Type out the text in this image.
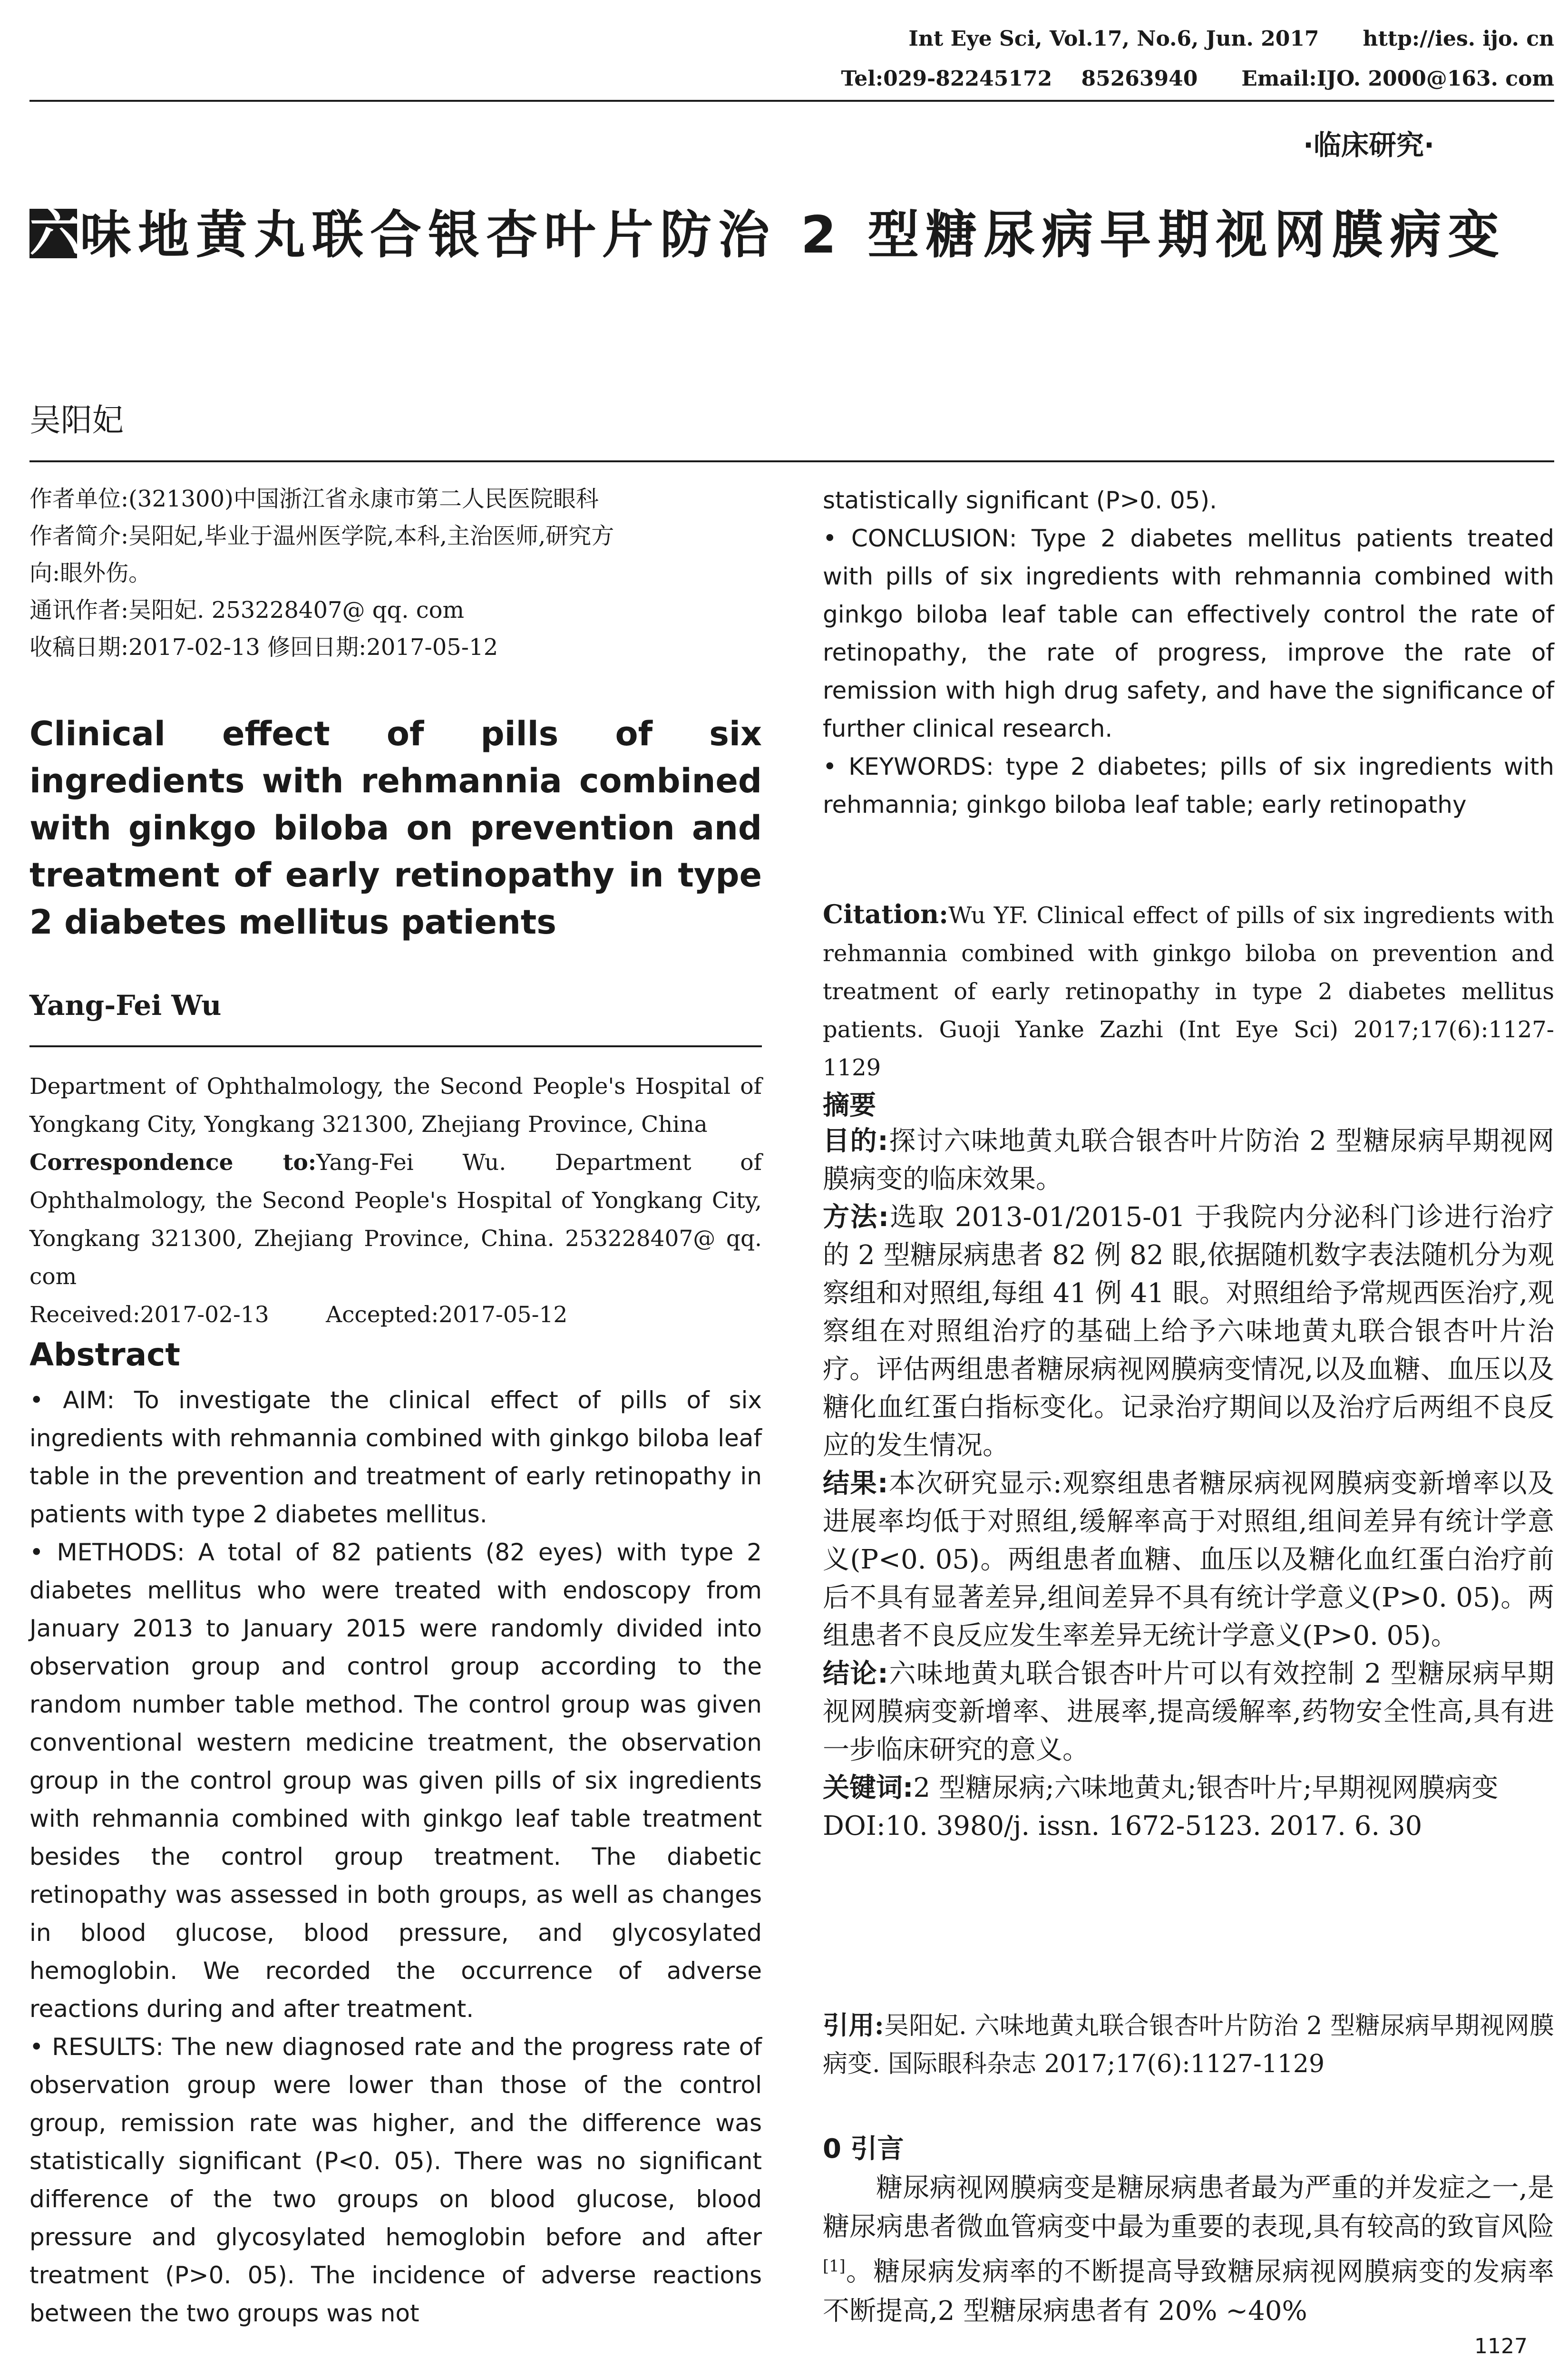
Int Eye Sci, Vol.17, No.6, Jun. 2017      http://ies. ijo. cn
Tel:029-82245172    85263940      Email:IJO. 2000@163. com
·临床研究·
六味地黄丸联合银杏叶片防治 2 型糖尿病早期视网膜病变
吴阳妃
作者单位:(321300)中国浙江省永康市第二人民医院眼科
作者简介:吴阳妃,毕业于温州医学院,本科,主治医师,研究方
向:眼外伤。
通讯作者:吴阳妃. 253228407@ qq. com
收稿日期:2017-02-13 修回日期:2017-05-12
Clinical effect of pills of six ingredients with rehmannia combined with ginkgo biloba on prevention and treatment of early retinopathy in type 2 diabetes mellitus patients
Yang-Fei Wu
Department of Ophthalmology, the Second People's Hospital of Yongkang City, Yongkang 321300, Zhejiang Province, China
Correspondence to:Yang-Fei Wu. Department of Ophthalmology, the Second People's Hospital of Yongkang City, Yongkang 321300, Zhejiang Province, China. 253228407@ qq. com
Received:2017-02-13        Accepted:2017-05-12
Abstract

• AIM: To investigate the clinical effect of pills of six ingredients with rehmannia combined with ginkgo biloba leaf table in the prevention and treatment of early retinopathy in patients with type 2 diabetes mellitus.

• METHODS: A total of 82 patients (82 eyes) with type 2 diabetes mellitus who were treated with endoscopy from January 2013 to January 2015 were randomly divided into observation group and control group according to the random number table method. The control group was given conventional western medicine treatment, the observation group in the control group was given pills of six ingredients with rehmannia combined with ginkgo leaf table treatment besides the control group treatment. The diabetic retinopathy was assessed in both groups, as well as changes in blood glucose, blood pressure, and glycosylated hemoglobin. We recorded the occurrence of adverse reactions during and after treatment.

• RESULTS: The new diagnosed rate and the progress rate of observation group were lower than those of the control group, remission rate was higher, and the difference was statistically significant (P<0. 05). There was no significant difference of the two groups on blood glucose, blood pressure and glycosylated hemoglobin before and after treatment (P>0. 05). The incidence of adverse reactions between the two groups was not

statistically significant (P>0. 05).

• CONCLUSION: Type 2 diabetes mellitus patients treated with pills of six ingredients with rehmannia combined with ginkgo biloba leaf table can effectively control the rate of retinopathy, the rate of progress, improve the rate of remission with high drug safety, and have the significance of further clinical research.

• KEYWORDS: type 2 diabetes; pills of six ingredients with rehmannia; ginkgo biloba leaf table; early retinopathy

Citation:Wu YF. Clinical effect of pills of six ingredients with rehmannia combined with ginkgo biloba on prevention and treatment of early retinopathy in type 2 diabetes mellitus patients. Guoji Yanke Zazhi (Int Eye Sci) 2017;17(6):1127-1129
摘要

目的:探讨六味地黄丸联合银杏叶片防治 2 型糖尿病早期视网膜病变的临床效果。

方法:选取 2013-01/2015-01 于我院内分泌科门诊进行治疗的 2 型糖尿病患者 82 例 82 眼,依据随机数字表法随机分为观察组和对照组,每组 41 例 41 眼。对照组给予常规西医治疗,观察组在对照组治疗的基础上给予六味地黄丸联合银杏叶片治疗。评估两组患者糖尿病视网膜病变情况,以及血糖、血压以及糖化血红蛋白指标变化。记录治疗期间以及治疗后两组不良反应的发生情况。

结果:本次研究显示:观察组患者糖尿病视网膜病变新增率以及进展率均低于对照组,缓解率高于对照组,组间差异有统计学意义(P<0. 05)。两组患者血糖、血压以及糖化血红蛋白治疗前后不具有显著差异,组间差异不具有统计学意义(P>0. 05)。两组患者不良反应发生率差异无统计学意义(P>0. 05)。

结论:六味地黄丸联合银杏叶片可以有效控制 2 型糖尿病早期视网膜病变新增率、进展率,提高缓解率,药物安全性高,具有进一步临床研究的意义。

关键词:2 型糖尿病;六味地黄丸;银杏叶片;早期视网膜病变

DOI:10. 3980/j. issn. 1672-5123. 2017. 6. 30

引用:吴阳妃. 六味地黄丸联合银杏叶片防治 2 型糖尿病早期视网膜病变. 国际眼科杂志 2017;17(6):1127-1129
0 引言

糖尿病视网膜病变是糖尿病患者最为严重的并发症之一,是糖尿病患者微血管病变中最为重要的表现,具有较高的致盲风险[1]。糖尿病发病率的不断提高导致糖尿病视网膜病变的发病率不断提高,2 型糖尿病患者有 20% ~40%

1127
